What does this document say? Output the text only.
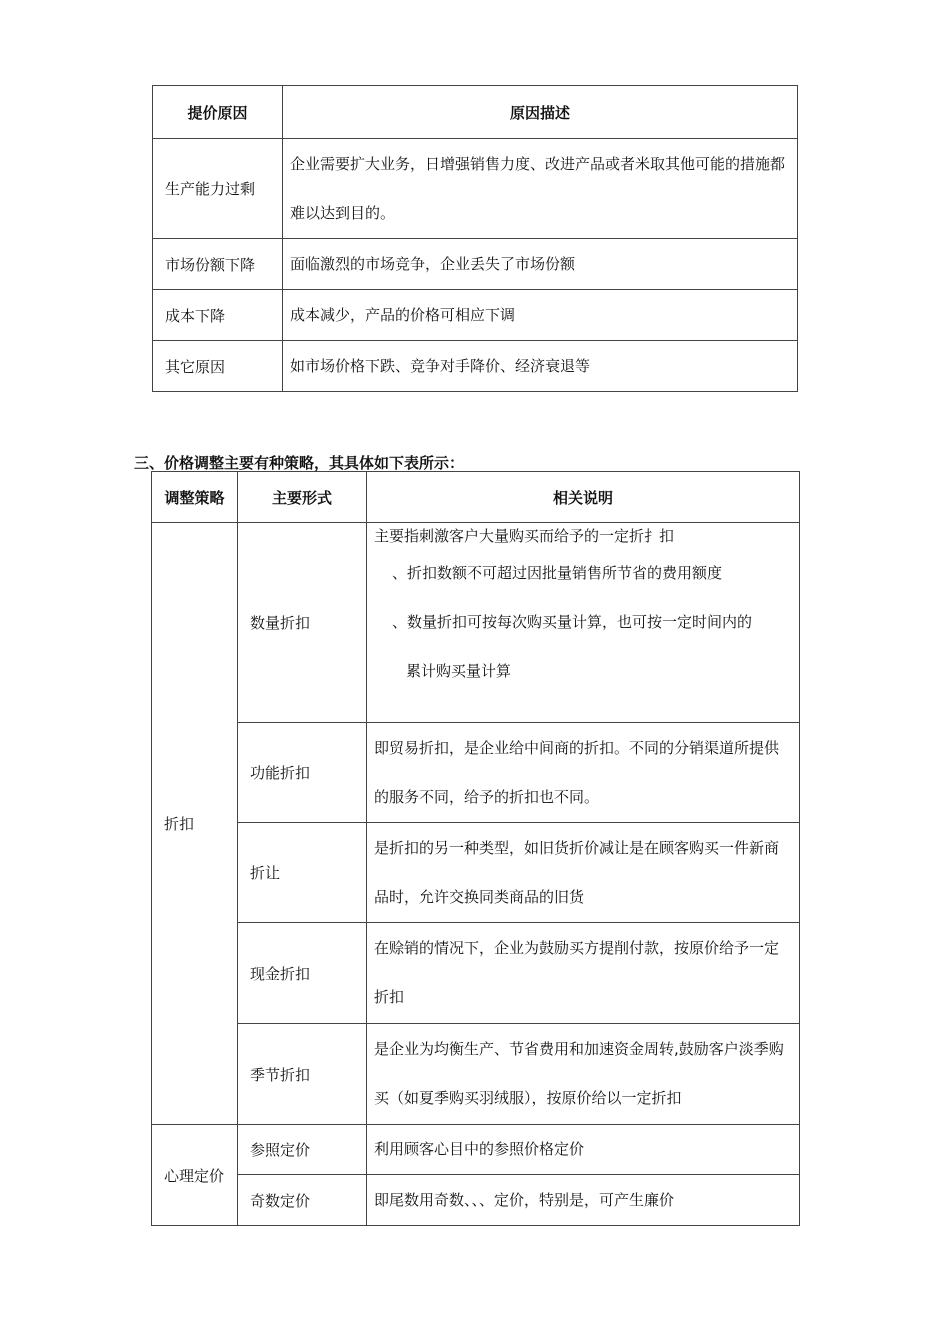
提价原因	原因描述
生产能力过剩	企业需要扩大业务，日增强销售力度、改进产品或者米取其他可能的措施都难以达到目的。
市场份额下降	面临激烈的市场竞争，企业丢失了市场份额
成本下降	成本减少，产品的价格可相应下调
其它原因	如市场价格下跌、竞争对手降价、经济衰退等
三、价格调整主要有种策略，其具体如下表所示：
调整策略	主要形式	相关说明
折扣	数量折扣	主要指刺激客户大量购买而给予的一定折扌扣
、折扣数额不可超过因批量销售所节省的费用额度
、数量折扣可按每次购买量计算，也可按一定时间内的
累计购买量计算

	功能折扣	即贸易折扣，是企业给中间商的折扣。不同的分销渠道所提供的服务不同，给予的折扣也不同。
	折让	是折扣的另一种类型，如旧货折价减让是在顾客购买一件新商品时，允许交换同类商品的旧货
	现金折扣	在赊销的情况下，企业为鼓励买方提削付款，按原价给予一定折扣
	季节折扣	是企业为均衡生产、节省费用和加速资金周转,鼓励客户淡季购买（如夏季购买羽绒服），按原价给以一定折扣
心理定价	参照定价	利用顾客心目中的参照价格定价
	奇数定价	即尾数用奇数、、、定价，特别是，可产生廉价
